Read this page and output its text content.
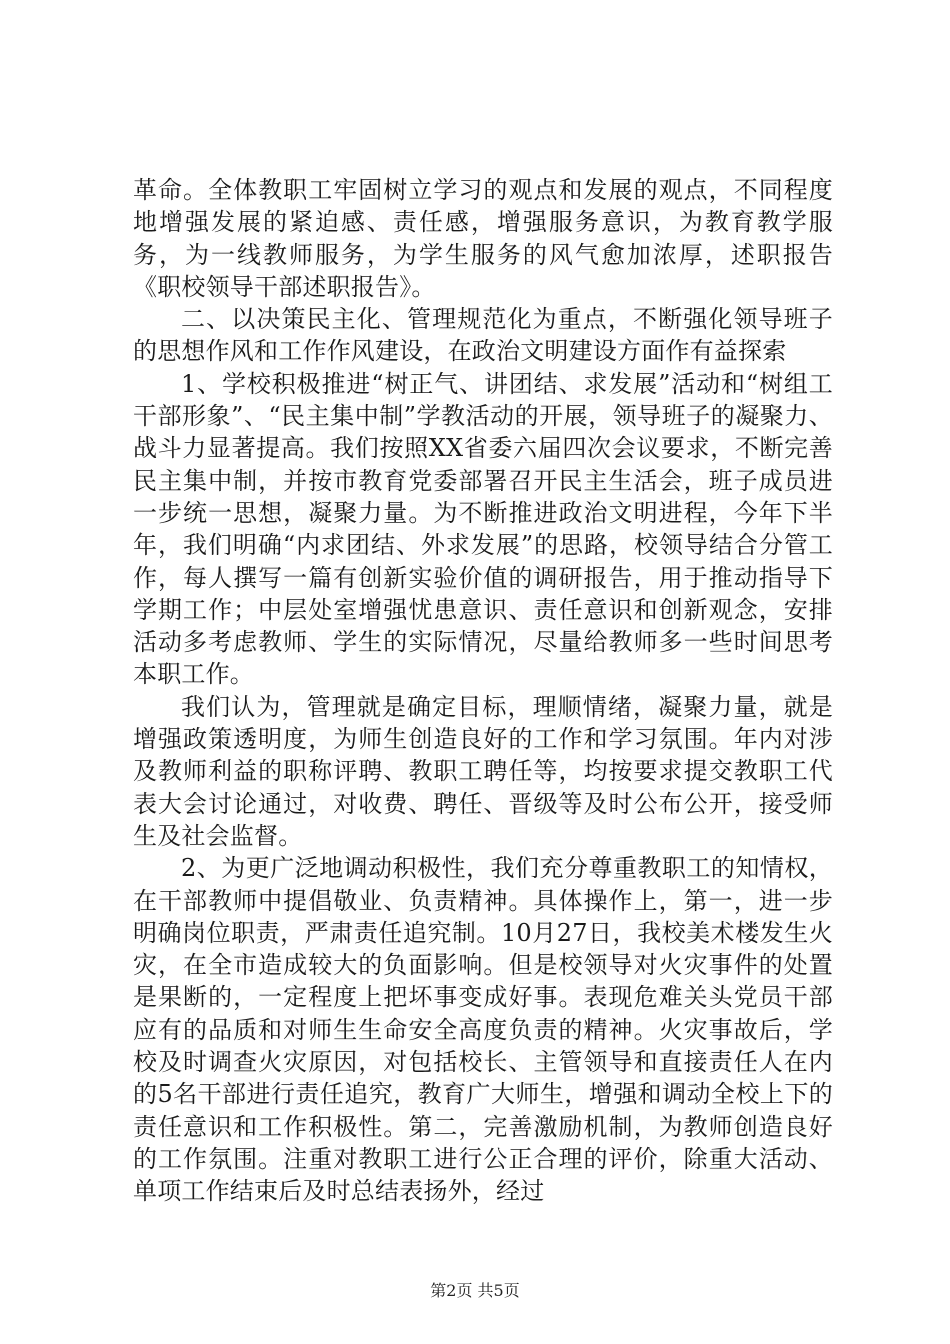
革命。全体教职工牢固树立学习的观点和发展的观点，不同程度地增强发展的紧迫感、责任感，增强服务意识，为教育教学服务，为一线教师服务，为学生服务的风气愈加浓厚，述职报告《职校领导干部述职报告》。

二、以决策民主化、管理规范化为重点，不断强化领导班子的思想作风和工作作风建设，在政治文明建设方面作有益探索

1、学校积极推进“树正气、讲团结、求发展”活动和“树组工干部形象”、“民主集中制”学教活动的开展，领导班子的凝聚力、战斗力显著提高。我们按照XX省委六届四次会议要求，不断完善民主集中制，并按市教育党委部署召开民主生活会，班子成员进一步统一思想，凝聚力量。为不断推进政治文明进程，今年下半年，我们明确“内求团结、外求发展”的思路，校领导结合分管工作，每人撰写一篇有创新实验价值的调研报告，用于推动指导下学期工作；中层处室增强忧患意识、责任意识和创新观念，安排活动多考虑教师、学生的实际情况，尽量给教师多一些时间思考本职工作。

我们认为，管理就是确定目标，理顺情绪，凝聚力量，就是增强政策透明度，为师生创造良好的工作和学习氛围。年内对涉及教师利益的职称评聘、教职工聘任等，均按要求提交教职工代表大会讨论通过，对收费、聘任、晋级等及时公布公开，接受师生及社会监督。

2、为更广泛地调动积极性，我们充分尊重教职工的知情权，在干部教师中提倡敬业、负责精神。具体操作上，第一，进一步明确岗位职责，严肃责任追究制。10月27日，我校美术楼发生火灾，在全市造成较大的负面影响。但是校领导对火灾事件的处置是果断的，一定程度上把坏事变成好事。表现危难关头党员干部应有的品质和对师生生命安全高度负责的精神。火灾事故后，学校及时调查火灾原因，对包括校长、主管领导和直接责任人在内的5名干部进行责任追究，教育广大师生，增强和调动全校上下的责任意识和工作积极性。第二，完善激励机制，为教师创造良好的工作氛围。注重对教职工进行公正合理的评价，除重大活动、单项工作结束后及时总结表扬外，经过

第2页 共5页
